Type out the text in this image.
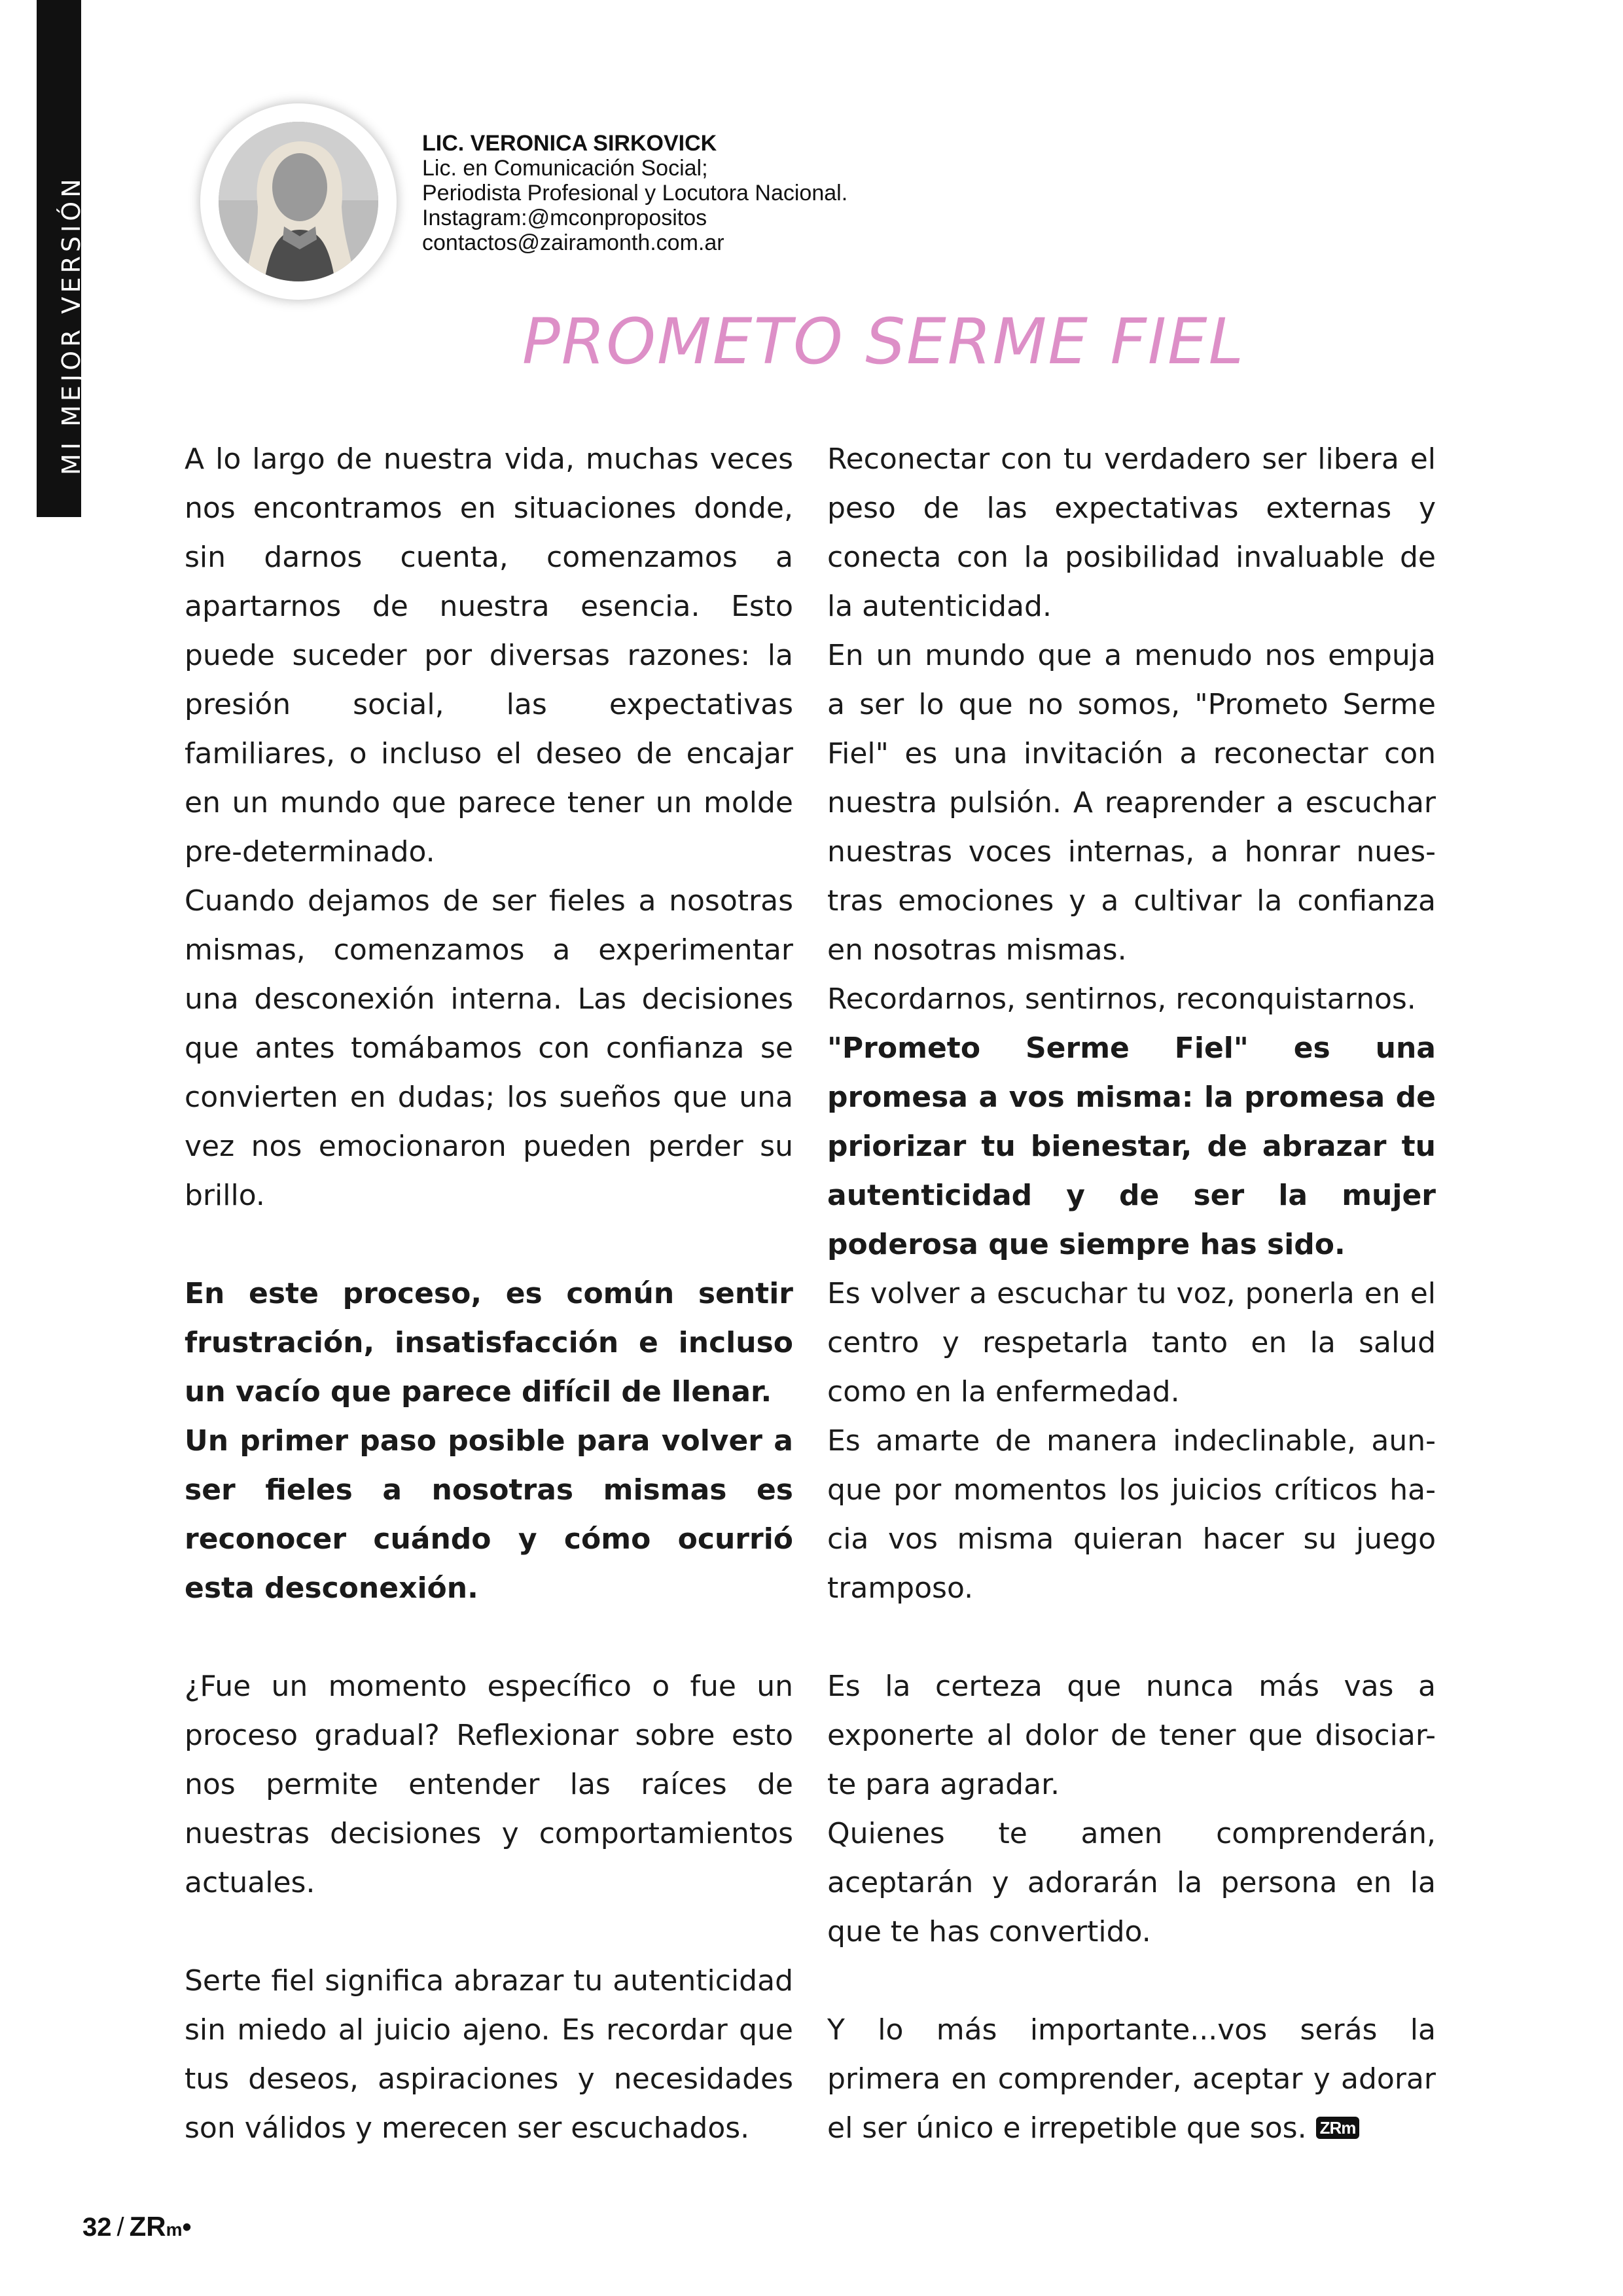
MI MEJOR VERSIÓN
LIC. VERONICA SIRKOVICK
Lic. en Comunicación Social;
Periodista Profesional y Locutora Nacional.
Instagram:@mconpropositos
contactos@zairamonth.com.ar
PROMETO SERME FIEL

A lo largo de nuestra vida, muchas veces nos encontramos en situaciones donde, sin darnos cuenta, comenzamos a apartarnos de nuestra esencia. Esto puede suceder por diversas razones: la presión social, las expectativas familiares, o incluso el deseo de encajar en un mundo que parece tener un molde pre-determinado.

Cuando dejamos de ser fieles a nosotras mismas, comenzamos a experimentar una desconexión interna. Las decisiones que antes tomábamos con confianza se convierten en dudas; los sueños que una vez nos emocionaron pueden perder su brillo.

En este proceso, es común sentir frustración, insatisfacción e incluso un vacío que parece difícil de llenar.

Un primer paso posible para volver a ser fieles a nosotras mismas es reconocer cuándo y cómo ocurrió esta desconexión.

¿Fue un momento específico o fue un proceso gradual? Reflexionar sobre esto nos permite entender las raíces de nuestras decisiones y comportamientos actuales.

Serte fiel significa abrazar tu autenticidad sin miedo al juicio ajeno. Es recordar que tus deseos, aspiraciones y necesidades son válidos y merecen ser escuchados.

Reconectar con tu verdadero ser libera el peso de las expectativas externas y conecta con la posibilidad invaluable de la autenticidad.

En un mundo que a menudo nos empuja a ser lo que no somos, "Prometo Serme Fiel" es una invitación a reconectar con nuestra pulsión. A reaprender a escuchar nuestras voces internas, a honrar nues-tras emociones y a cultivar la confianza en nosotras mismas.

Recordarnos, sentirnos, reconquistarnos.

"Prometo Serme Fiel" es una promesa a vos misma: la promesa de priorizar tu bienestar, de abrazar tu autenticidad y de ser la mujer poderosa que siempre has sido.

Es volver a escuchar tu voz, ponerla en el centro y respetarla tanto en la salud como en la enfermedad.

Es amarte de manera indeclinable, aun-que por momentos los juicios críticos ha-cia vos misma quieran hacer su juego tramposo.

Es la certeza que nunca más vas a exponerte al dolor de tener que disociar-te para agradar.

Quienes te amen comprenderán, aceptarán y adorarán la persona en la que te has convertido.

Y lo más importante...vos serás la primera en comprender, aceptar y adorar el ser único e irrepetible que sos. ZRm

32 / ZRm•
